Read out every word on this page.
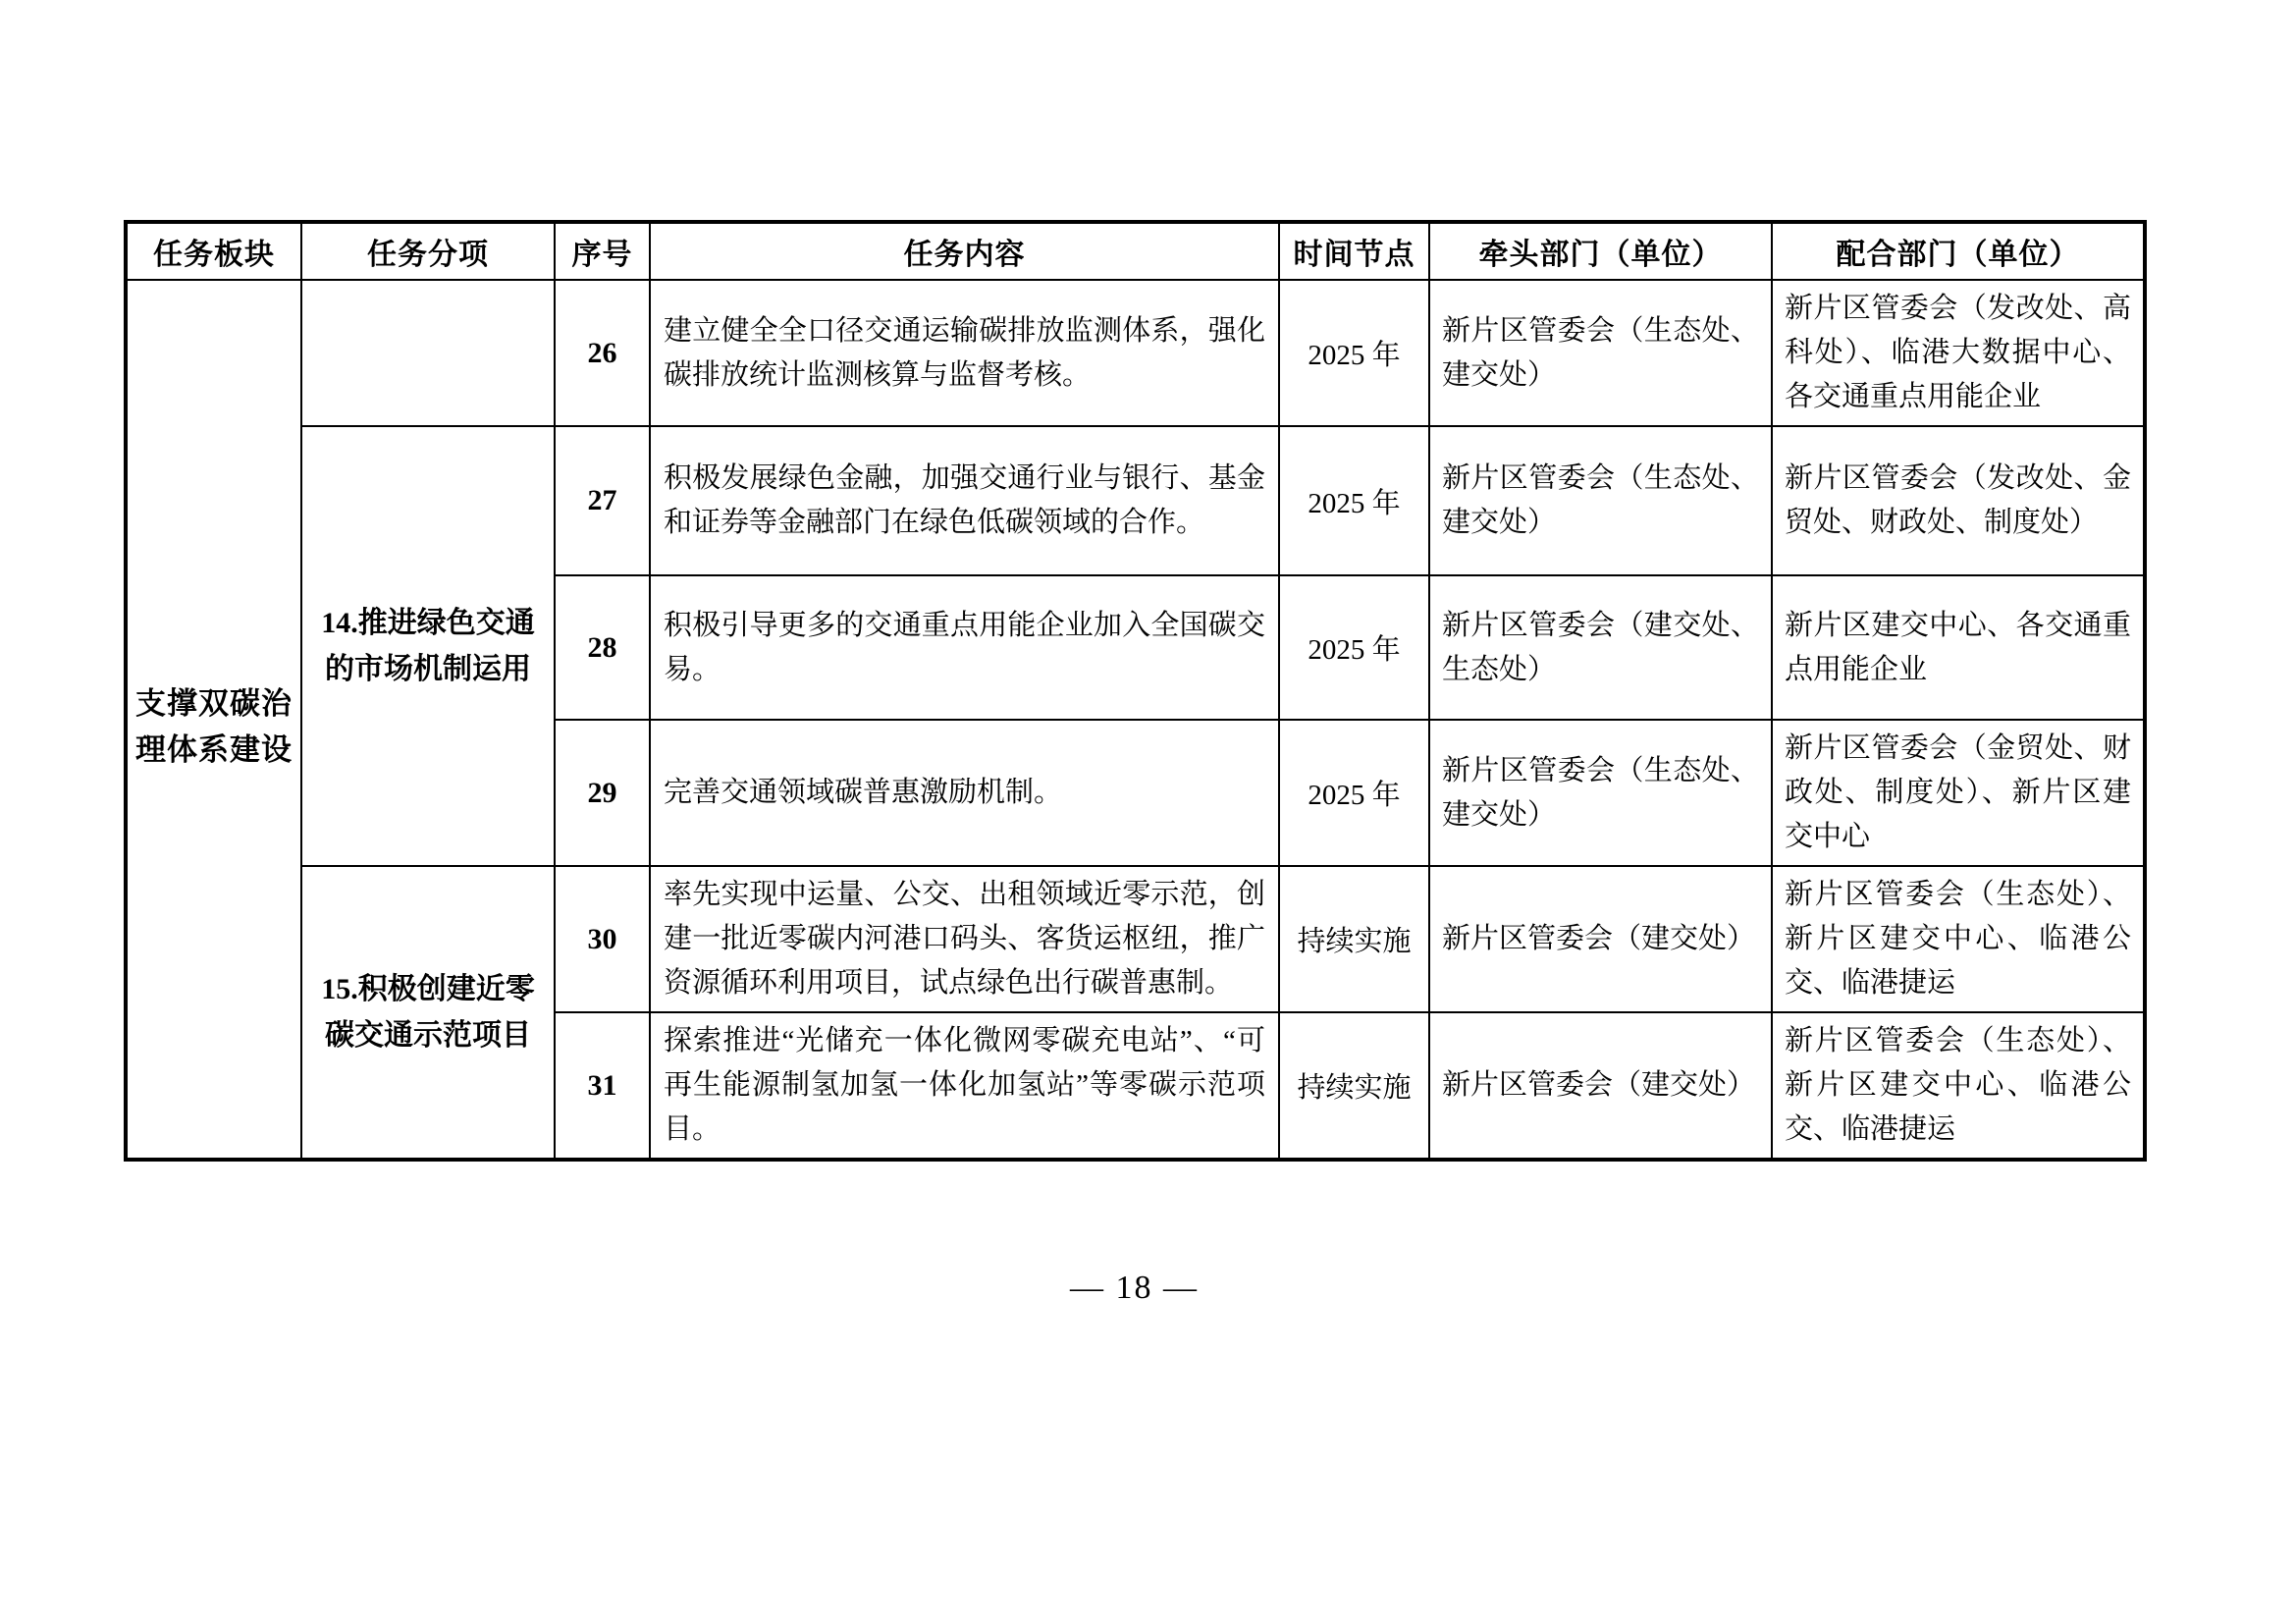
任务板块	任务分项	序号	任务内容	时间节点	牵头部门（单位）	配合部门（单位）
支撑双碳治理体系建设		26	建立健全全口径交通运输碳排放监测体系，强化碳排放统计监测核算与监督考核。	2025 年	新片区管委会（生态处、建交处）	新片区管委会（发改处、高科处）、临港大数据中心、各交通重点用能企业
	14.推进绿色交通的市场机制运用	27	积极发展绿色金融，加强交通行业与银行、基金和证券等金融部门在绿色低碳领域的合作。	2025 年	新片区管委会（生态处、建交处）	新片区管委会（发改处、金贸处、财政处、制度处）
		28	积极引导更多的交通重点用能企业加入全国碳交易。	2025 年	新片区管委会（建交处、生态处）	新片区建交中心、各交通重点用能企业
		29	完善交通领域碳普惠激励机制。	2025 年	新片区管委会（生态处、建交处）	新片区管委会（金贸处、财政处、制度处）、新片区建交中心
	15.积极创建近零碳交通示范项目	30	率先实现中运量、公交、出租领域近零示范，创建一批近零碳内河港口码头、客货运枢纽，推广资源循环利用项目，试点绿色出行碳普惠制。	持续实施	新片区管委会（建交处）	新片区管委会（生态处）、新片区建交中心、临港公交、临港捷运
		31	探索推进“光储充一体化微网零碳充电站”、“可再生能源制氢加氢一体化加氢站”等零碳示范项目。	持续实施	新片区管委会（建交处）	新片区管委会（生态处）、新片区建交中心、临港公交、临港捷运
— 18 —
